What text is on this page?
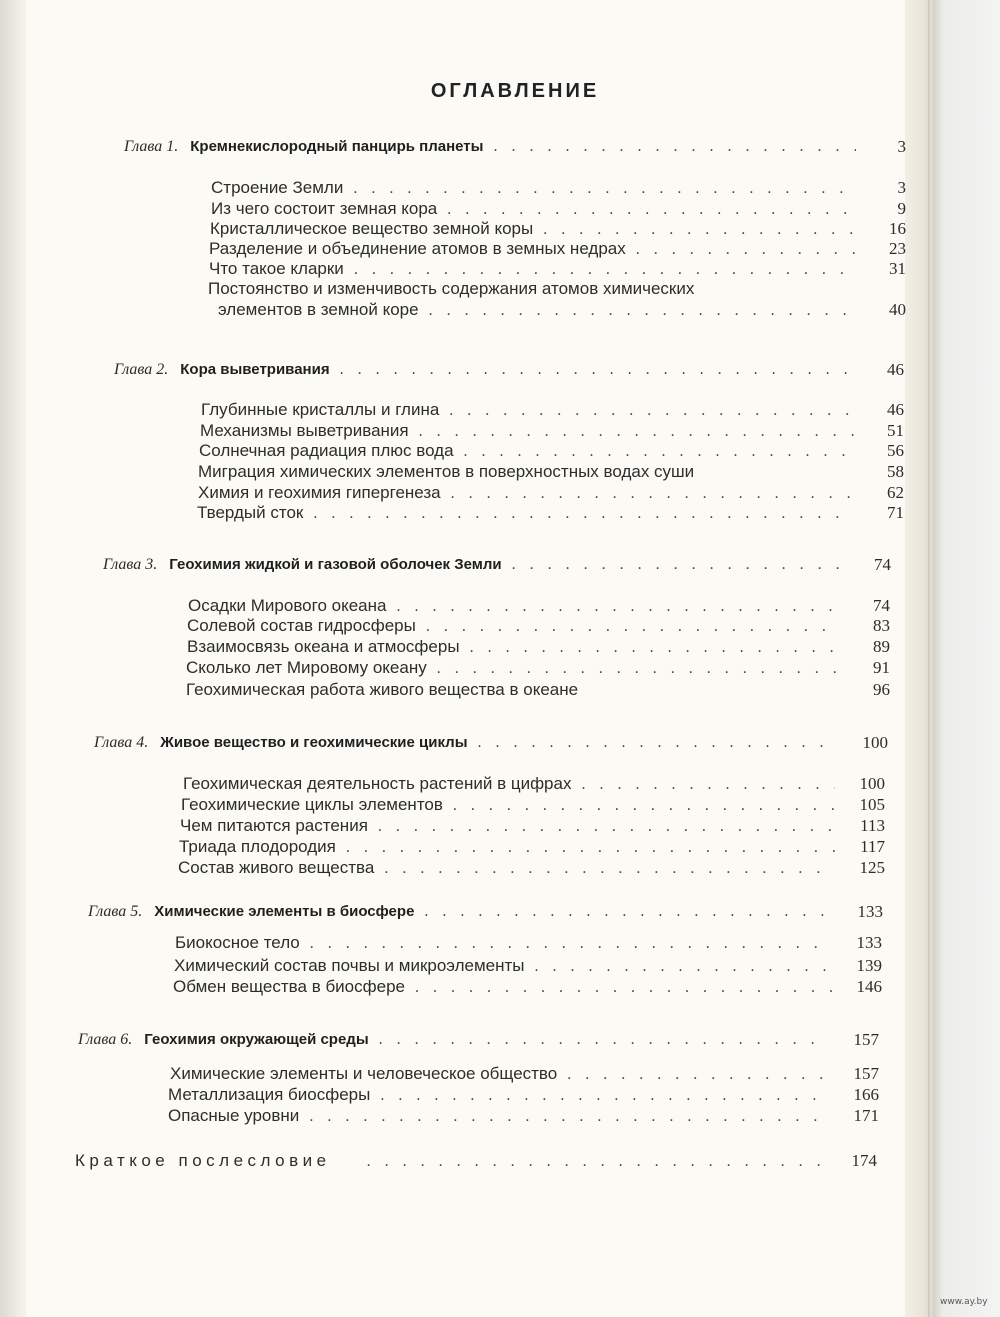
ОГЛАВЛЕНИЕ
Глава 1. Кремнекислородный панцирь планеты . . .	3
Строение Земли . . .	3
Из чего состоит земная кора . . .	9
Кристаллическое вещество земной коры . . .	16
Разделение и объединение атомов в земных недрах . . .	23
Что такое кларки . . .	31
Постоянство и изменчивость содержания атомов химических
элементов в земной коре . . .	40
Глава 2. Кора выветривания . . .	46
Глубинные кристаллы и глина . . .	46
Механизмы выветривания . . .	51
Солнечная радиация плюс вода . . .	56
Миграция химических элементов в поверхностных водах суши	58
Химия и геохимия гипергенеза . . .	62
Твердый сток . . .	71
Глава 3. Геохимия жидкой и газовой оболочек Земли . . .	74
Осадки Мирового океана . . .	74
Солевой состав гидросферы . . .	83
Взаимосвязь океана и атмосферы . . .	89
Сколько лет Мировому океану . . .	91
Геохимическая работа живого вещества в океане	96
Глава 4. Живое вещество и геохимические циклы . . .	100
Геохимическая деятельность растений в цифрах . . .	100
Геохимические циклы элементов . . .	105
Чем питаются растения . . .	113
Триада плодородия . . .	117
Состав живого вещества . . .	125
Глава 5. Химические элементы в биосфере . . .	133
Биокосное тело . . .	133
Химический состав почвы и микроэлементы . . .	139
Обмен вещества в биосфере . . .	146
Глава 6. Геохимия окружающей среды . . .	157
Химические элементы и человеческое общество . . .	157
Металлизация биосферы . . .	166
Опасные уровни . . .	171
Краткое послесловие . . .	174
www.ay.by
